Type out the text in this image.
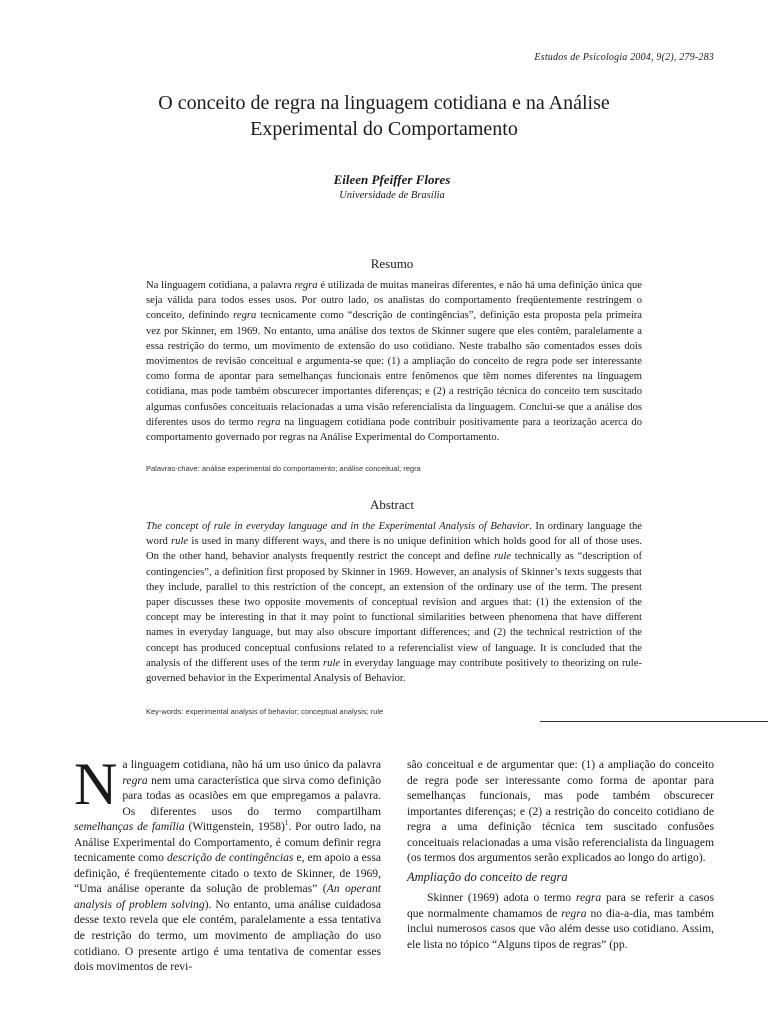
Estudos de Psicologia 2004, 9(2), 279-283
O conceito de regra na linguagem cotidiana e na Análise
Experimental do Comportamento
Eileen Pfeiffer Flores
Universidade de Brasília
Resumo
Na linguagem cotidiana, a palavra regra é utilizada de muitas maneiras diferentes, e não há uma definição única que seja válida para todos esses usos. Por outro lado, os analistas do comportamento freqüentemente restringem o conceito, definindo regra tecnicamente como “descrição de contingências”, definição esta proposta pela primeira vez por Skinner, em 1969. No entanto, uma análise dos textos de Skinner sugere que eles contêm, paralelamente a essa restrição do termo, um movimento de extensão do uso cotidiano. Neste trabalho são comentados esses dois movimentos de revisão conceitual e argumenta-se que: (1) a ampliação do conceito de regra pode ser interessante como forma de apontar para semelhanças funcionais entre fenômenos que têm nomes diferentes na linguagem cotidiana, mas pode também obscurecer importantes diferenças; e (2) a restrição técnica do conceito tem suscitado algumas confusões conceituais relacionadas a uma visão referencialista da linguagem. Conclui-se que a análise dos diferentes usos do termo regra na linguagem cotidiana pode contribuir positivamente para a teorização acerca do comportamento governado por regras na Análise Experimental do Comportamento.
Palavras-chave: análise experimental do comportamento; análise conceitual; regra
Abstract
The concept of rule in everyday language and in the Experimental Analysis of Behavior. In ordinary language the word rule is used in many different ways, and there is no unique definition which holds good for all of those uses. On the other hand, behavior analysts frequently restrict the concept and define rule technically as “description of contingencies”, a definition first proposed by Skinner in 1969. However, an analysis of Skinner’s texts suggests that they include, parallel to this restriction of the concept, an extension of the ordinary use of the term. The present paper discusses these two opposite movements of conceptual revision and argues that: (1) the extension of the concept may be interesting in that it may point to functional similarities between phenomena that have different names in everyday language, but may also obscure important differences; and (2) the technical restriction of the concept has produced conceptual confusions related to a referencialist view of language. It is concluded that the analysis of the different uses of the term rule in everyday language may contribute positively to theorizing on rule-governed behavior in the Experimental Analysis of Behavior.
Key-words: experimental analysis of behavior; conceptual analysis; rule
Na linguagem cotidiana, não há um uso único da palavra regra nem uma característica que sirva como definição para todas as ocasiões em que empregamos a palavra. Os diferentes usos do termo compartilham semelhanças de família (Wittgenstein, 1958)$^1$. Por outro lado, na Análise Experimental do Comportamento, é comum definir regra tecnicamente como descrição de contingências e, em apoio a essa definição, é freqüentemente citado o texto de Skinner, de 1969, “Uma análise operante da solução de problemas” (An operant analysis of problem solving). No entanto, uma análise cuidadosa desse texto revela que ele contém, paralelamente a essa tentativa de restrição do termo, um movimento de ampliação do uso cotidiano. O presente artigo é uma tentativa de comentar esses dois movimentos de revi-
são conceitual e de argumentar que: (1) a ampliação do conceito de regra pode ser interessante como forma de apontar para semelhanças funcionais, mas pode também obscurecer importantes diferenças; e (2) a restrição do conceito cotidiano de regra a uma definição técnica tem suscitado confusões conceituais relacionadas a uma visão referencialista da linguagem (os termos dos argumentos serão explicados ao longo do artigo).
Ampliação do conceito de regra
Skinner (1969) adota o termo regra para se referir a casos que normalmente chamamos de regra no dia-a-dia, mas também inclui numerosos casos que vão além desse uso cotidiano. Assim, ele lista no tópico “Alguns tipos de regras” (pp.
